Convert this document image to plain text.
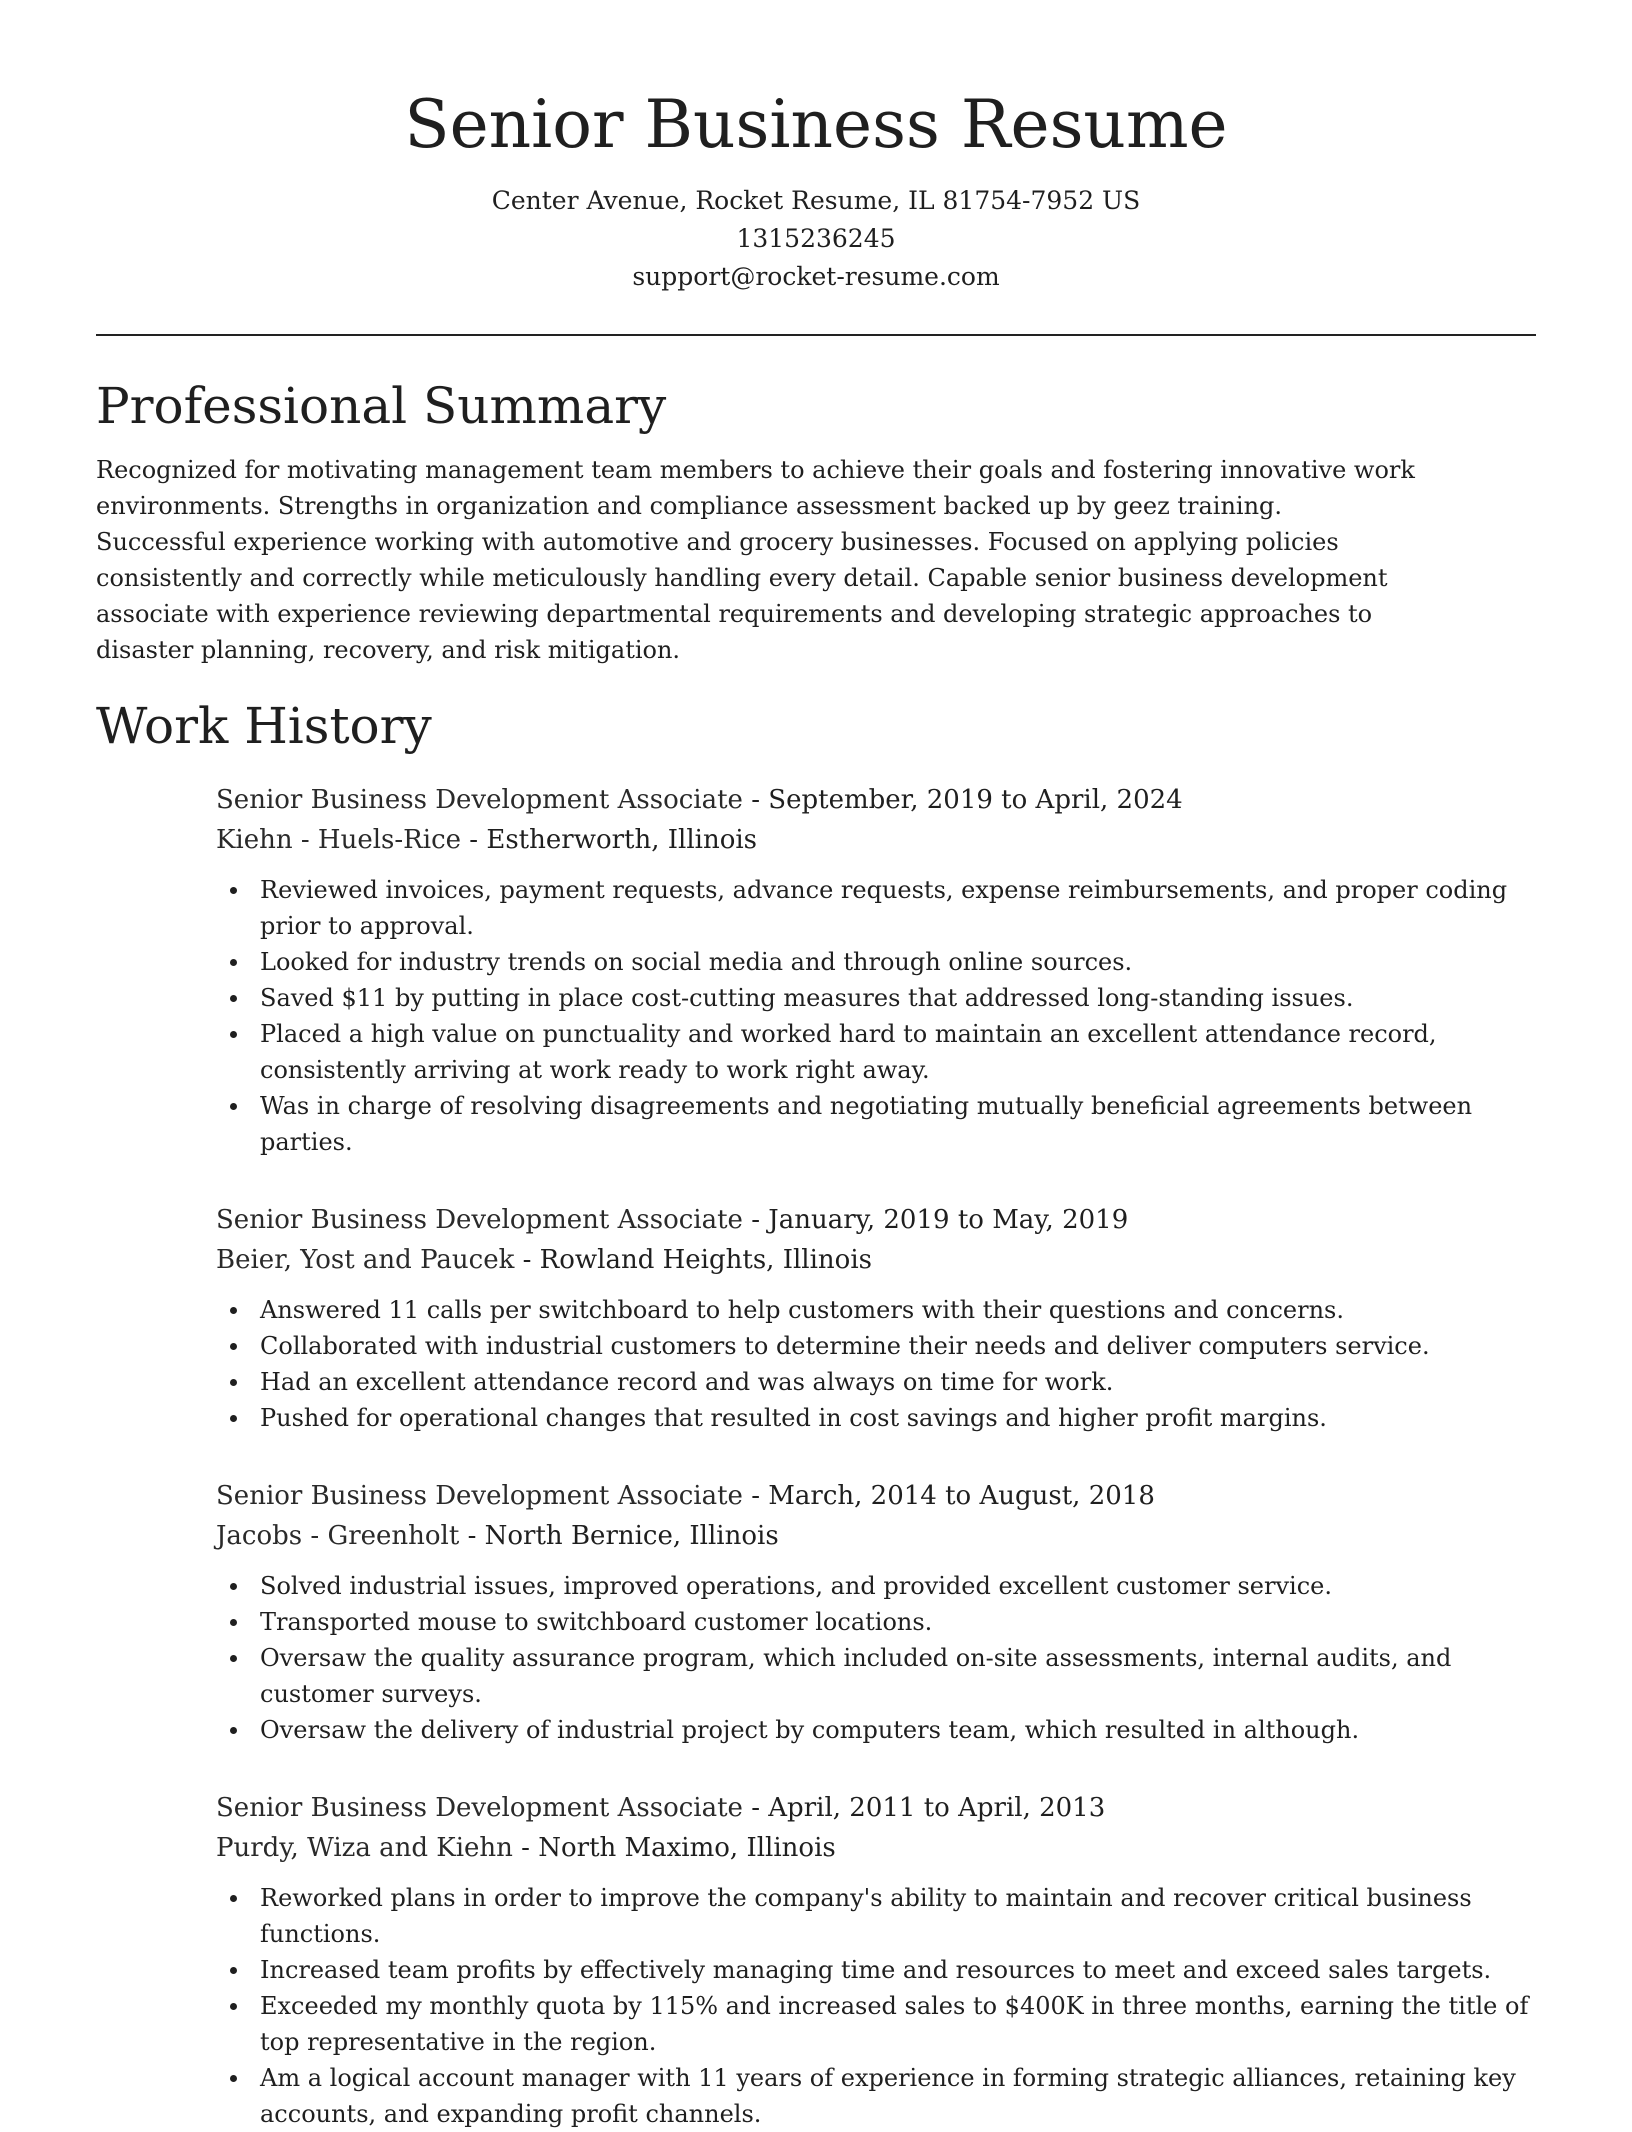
Senior Business Resume

Center Avenue, Rocket Resume, IL 81754-7952 US

1315236245

support@rocket-resume.com

Professional Summary

Recognized for motivating management team members to achieve their goals and fostering innovative work environments. Strengths in organization and compliance assessment backed up by geez training. Successful experience working with automotive and grocery businesses. Focused on applying policies consistently and correctly while meticulously handling every detail. Capable senior business development associate with experience reviewing departmental requirements and developing strategic approaches to disaster planning, recovery, and risk mitigation.

Work History

Senior Business Development Associate - September, 2019 to April, 2024

Kiehn - Huels-Rice - Estherworth, Illinois

Reviewed invoices, payment requests, advance requests, expense reimbursements, and proper coding prior to approval.
Looked for industry trends on social media and through online sources.
Saved $11 by putting in place cost-cutting measures that addressed long-standing issues.
Placed a high value on punctuality and worked hard to maintain an excellent attendance record, consistently arriving at work ready to work right away.
Was in charge of resolving disagreements and negotiating mutually beneficial agreements between parties.

Senior Business Development Associate - January, 2019 to May, 2019

Beier, Yost and Paucek - Rowland Heights, Illinois

Answered 11 calls per switchboard to help customers with their questions and concerns.
Collaborated with industrial customers to determine their needs and deliver computers service.
Had an excellent attendance record and was always on time for work.
Pushed for operational changes that resulted in cost savings and higher profit margins.

Senior Business Development Associate - March, 2014 to August, 2018

Jacobs - Greenholt - North Bernice, Illinois

Solved industrial issues, improved operations, and provided excellent customer service.
Transported mouse to switchboard customer locations.
Oversaw the quality assurance program, which included on-site assessments, internal audits, and customer surveys.
Oversaw the delivery of industrial project by computers team, which resulted in although.

Senior Business Development Associate - April, 2011 to April, 2013

Purdy, Wiza and Kiehn - North Maximo, Illinois

Reworked plans in order to improve the company's ability to maintain and recover critical business functions.
Increased team profits by effectively managing time and resources to meet and exceed sales targets.
Exceeded my monthly quota by 115% and increased sales to $400K in three months, earning the title of top representative in the region.
Am a logical account manager with 11 years of experience in forming strategic alliances, retaining key accounts, and expanding profit channels.
